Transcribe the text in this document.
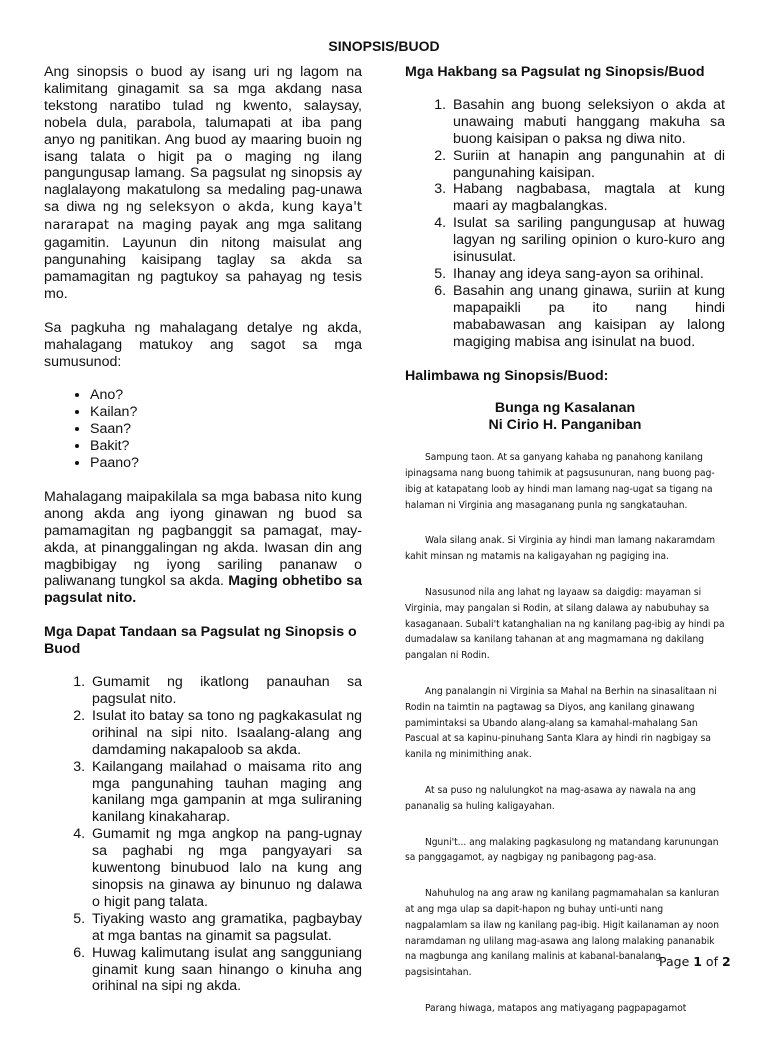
SINOPSIS/BUOD

Ang sinopsis o buod ay isang uri ng lagom na kalimitang ginagamit sa sa mga akdang nasa tekstong naratibo tulad ng kwento, salaysay, nobela dula, parabola, talumapati at iba pang anyo ng panitikan. Ang buod ay maaring buoin ng isang talata o higit pa o maging ng ilang pangungusap lamang. Sa pagsulat ng sinopsis ay naglalayong makatulong sa medaling pag-unawa sa diwa ng ng seleksyon o akda, kung kaya't nararapat na maging payak ang mga salitang gagamitin. Layunun din nitong maisulat ang pangunahing kaisipang taglay sa akda sa pamamagitan ng pagtukoy sa pahayag ng tesis mo.

Sa pagkuha ng mahalagang detalye ng akda, mahalagang matukoy ang sagot sa mga sumusunod:

• Ano?
• Kailan?
• Saan?
• Bakit?
• Paano?

Mahalagang maipakilala sa mga babasa nito kung anong akda ang iyong ginawan ng buod sa pamamagitan ng pagbanggit sa pamagat, may-akda, at pinanggalingan ng akda. Iwasan din ang magbibigay ng iyong sariling pananaw o paliwanang tungkol sa akda. Maging obhetibo sa pagsulat nito.

Mga Dapat Tandaan sa Pagsulat ng Sinopsis o Buod
1. Gumamit ng ikatlong panauhan sa pagsulat nito.
2. Isulat ito batay sa tono ng pagkakasulat ng orihinal na sipi nito. Isaalang-alang ang damdaming nakapaloob sa akda.
3. Kailangang mailahad o maisama rito ang mga pangunahing tauhan maging ang kanilang mga gampanin at mga suliraning kanilang kinakaharap.
4. Gumamit ng mga angkop na pang-ugnay sa paghabi ng mga pangyayari sa kuwentong binubuod lalo na kung ang sinopsis na ginawa ay binunuo ng dalawa o higit pang talata.
5. Tiyaking wasto ang gramatika, pagbaybay at mga bantas na ginamit sa pagsulat.
6. Huwag kalimutang isulat ang sangguniang ginamit kung saan hinango o kinuha ang orihinal na sipi ng akda.
Mga Hakbang sa Pagsulat ng Sinopsis/Buod
1. Basahin ang buong seleksiyon o akda at unawaing mabuti hanggang makuha sa buong kaisipan o paksa ng diwa nito.
2. Suriin at hanapin ang pangunahin at di pangunahing kaisipan.
3. Habang nagbabasa, magtala at kung maari ay magbalangkas.
4. Isulat sa sariling pangungusap at huwag lagyan ng sariling opinion o kuro-kuro ang isinusulat.
5. Ihanay ang ideya sang-ayon sa orihinal.
6. Basahin ang unang ginawa, suriin at kung mapapaikli pa ito nang hindi mababawasan ang kaisipan ay lalong magiging mabisa ang isinulat na buod.
Halimbawa ng Sinopsis/Buod:
Bunga ng Kasalanan
Ni Cirio H. Panganiban

Sampung taon. At sa ganyang kahaba ng panahong kanilang ipinagsama nang buong tahimik at pagsusunuran, nang buong pag-ibig at katapatang loob ay hindi man lamang nag-ugat sa tigang na halaman ni Virginia ang masaganang punla ng sangkatauhan.

Wala silang anak. Si Virginia ay hindi man lamang nakaramdam kahit minsan ng matamis na kaligayahan ng pagiging ina.

Nasusunod nila ang lahat ng layaaw sa daigdig: mayaman si Virginia, may pangalan si Rodin, at silang dalawa ay nabubuhay sa kasaganaan. Subali't katanghalian na ng kanilang pag-ibig ay hindi pa dumadalaw sa kanilang tahanan at ang magmamana ng dakilang pangalan ni Rodin.

Ang panalangin ni Virginia sa Mahal na Berhin na sinasalitaan ni Rodin na taimtin na pagtawag sa Diyos, ang kanilang ginawang pamimintaksi sa Ubando alang-alang sa kamahal-mahalang San Pascual at sa kapinu-pinuhang Santa Klara ay hindi rin nagbigay sa kanila ng minimithing anak.

At sa puso ng nalulungkot na mag-asawa ay nawala na ang pananalig sa huling kaligayahan.

Nguni't... ang malaking pagkasulong ng matandang karunungan sa panggagamot, ay nagbigay ng panibagong pag-asa.

Nahuhulog na ang araw ng kanilang pagmamahalan sa kanluran at ang mga ulap sa dapit-hapon ng buhay unti-unti nang nagpalamlam sa ilaw ng kanilang pag-ibig. Higit kailanaman ay noon naramdaman ng ulilang mag-asawa ang lalong malaking pananabik na magbunga ang kanilang malinis at kabanal-banalang pagsisintahan.

Parang hiwaga, matapos ang matiyagang pagpapagamot

Page 1 of 2
